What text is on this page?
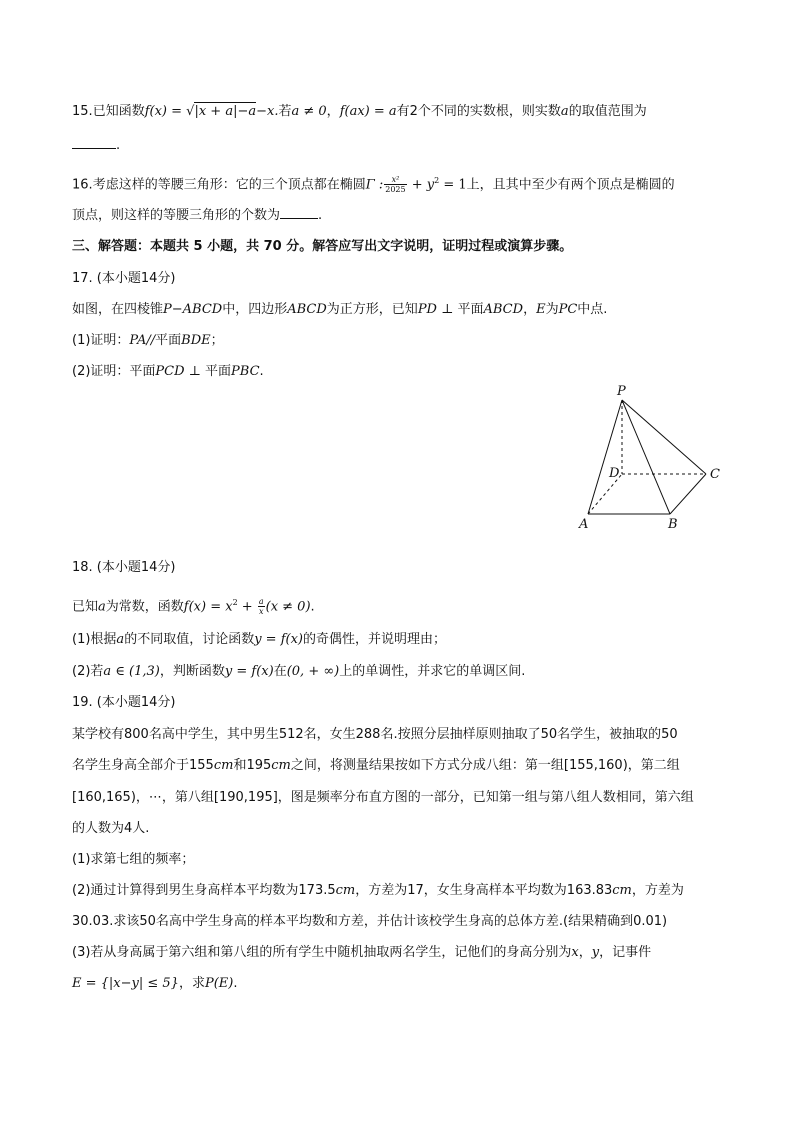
15.已知函数f(x) = √|x + a|−a−x.若a ≠ 0，f(ax) = a有2个不同的实数根，则实数a的取值范围为
.
16.考虑这样的等腰三角形：它的三个顶点都在椭圆Γ : $\frac{\text{x²}}{2025} + y^2 = 1$上，且其中至少有两个顶点是椭圆的
顶点，则这样的等腰三角形的个数为	.
三、解答题：本题共 5 小题，共 70 分。解答应写出文字说明，证明过程或演算步骤。
17. (本小题14分)
如图，在四棱锥P−ABCD中，四边形ABCD为正方形，已知PD ⊥ 平面ABCD，E为PC中点.
(1)证明：PA//平面BDE；
(2)证明：平面PCD ⊥ 平面PBC.
P
D	C
A	B
18. (本小题14分)
已知a为常数，函数$f(x) = x^2 + \frac{a}{x} (x \ne 0)$.
(1)根据a的不同取值，讨论函数y = f(x)的奇偶性，并说明理由；
(2)若a ∈ (1,3)，判断函数y = f(x)在(0, + ∞)上的单调性，并求它的单调区间.
19. (本小题14分)
某学校有800名高中学生，其中男生512名，女生288名.按照分层抽样原则抽取了50名学生，被抽取的50
名学生身高全部介于155cm和195cm之间，将测量结果按如下方式分成八组：第一组[155,160)，第二组
[160,165)，⋯，第八组[190,195]，图是频率分布直方图的一部分，已知第一组与第八组人数相同，第六组
的人数为4人.
(1)求第七组的频率；
(2)通过计算得到男生身高样本平均数为173.5cm，方差为17，女生身高样本平均数为163.83cm，方差为
30.03.求该50名高中学生身高的样本平均数和方差，并估计该校学生身高的总体方差.(结果精确到0.01)
(3)若从身高属于第六组和第八组的所有学生中随机抽取两名学生，记他们的身高分别为x，y，记事件
E = {|x−y| ≤ 5}，求P(E).
